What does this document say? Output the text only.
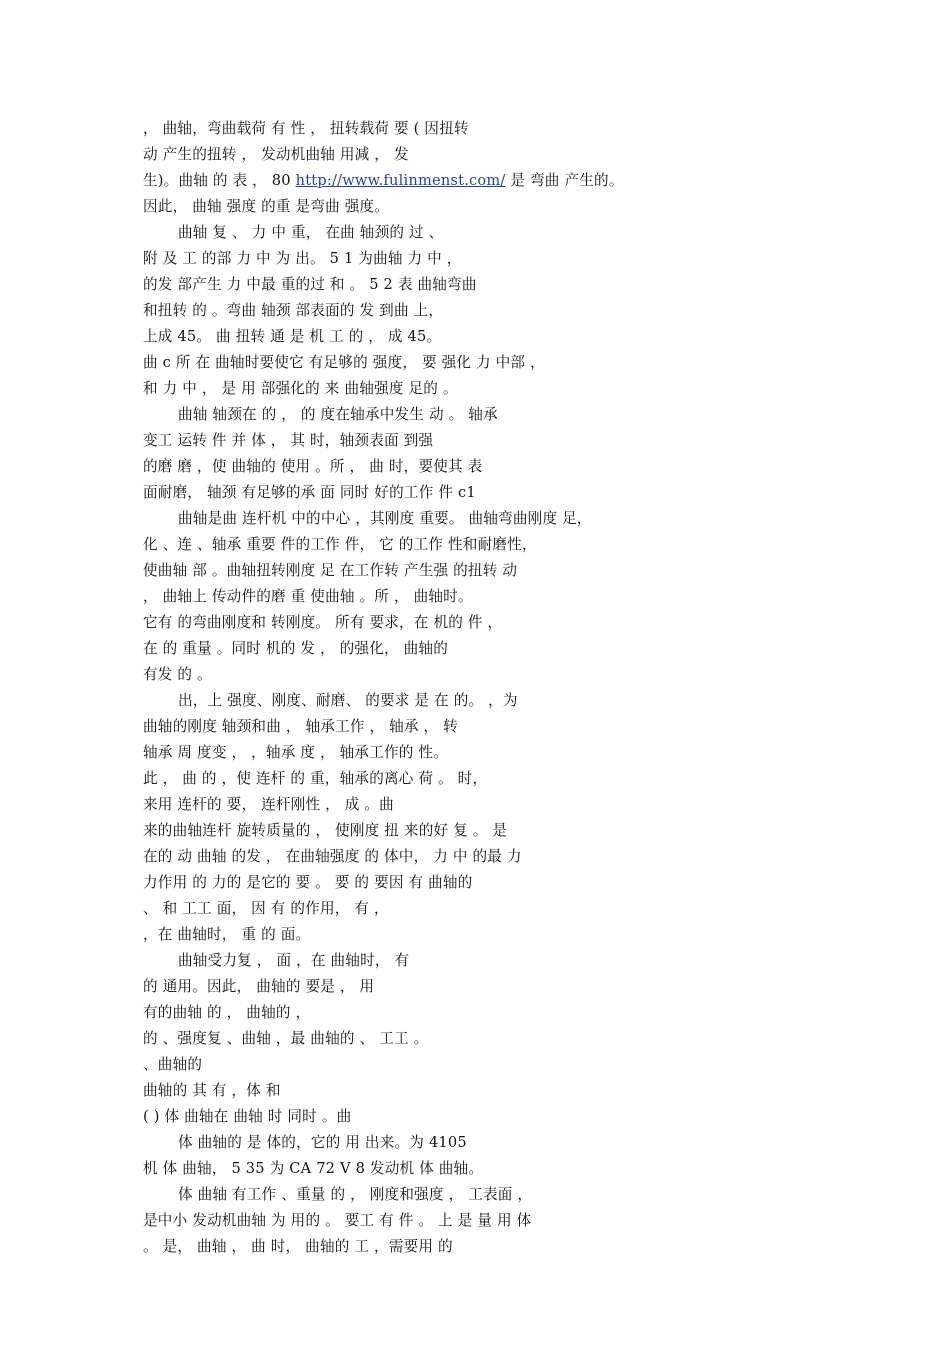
， 曲轴，弯曲载荷 有 性 ， 扭转载荷 要 ( 因扭转
动 产生的扭转 ， 发动机曲轴 用减 ， 发
生)。曲轴 的 表 ， 80 http://www.fulinmenst.com/ 是 弯曲 产生的。
因此， 曲轴 强度 的重 是弯曲 强度。
曲轴 复 、 力 中 重， 在曲 轴颈的 过 、
附 及 工 的部 力 中 为 出。 5 1 为曲轴 力 中 ，
的发 部产生 力 中最 重的过 和 。 5 2 表 曲轴弯曲
和扭转 的 。弯曲 轴颈 部表面的 发 到曲 上，
上成 45。 曲 扭转 通 是 机 工 的 ， 成 45。
曲 c 所 在 曲轴时要使它 有足够的 强度， 要 强化 力 中部 ，
和 力 中 ， 是 用 部强化的 来 曲轴强度 足的 。
曲轴 轴颈在 的 ， 的 度在轴承中发生 动 。 轴承
变工 运转 件 并 体 ， 其 时，轴颈表面 到强
的磨 磨 ，使 曲轴的 使用 。所 ， 曲 时，要使其 表
面耐磨， 轴颈 有足够的承 面 同时 好的工作 件 c1
曲轴是曲 连杆机 中的中心 ，其刚度 重要。 曲轴弯曲刚度 足，
化 、连 、轴承 重要 件的工作 件， 它 的工作 性和耐磨性，
使曲轴 部 。曲轴扭转刚度 足 在工作转 产生强 的扭转 动
， 曲轴上 传动件的磨 重 使曲轴 。所 ， 曲轴时。
它有 的弯曲刚度和 转刚度。 所有 要求，在 机的 件 ，
在 的 重量 。同时 机的 发 ， 的强化， 曲轴的
有发 的 。
出，上 强度、刚度、耐磨、 的要求 是 在 的。 ，为
曲轴的刚度 轴颈和曲 ， 轴承工作 ， 轴承 ， 转
轴承 周 度变 ， ，轴承 度 ， 轴承工作的 性。
此 ， 曲 的 ，使 连杆 的 重，轴承的离心 荷 。 时，
来用 连杆的 要， 连杆刚性 ， 成 。曲
来的曲轴连杆 旋转质量的 ， 使刚度 扭 来的好 复 。 是
在的 动 曲轴 的发 ， 在曲轴强度 的 体中， 力 中 的最 力
力作用 的 力的 是它的 要 。 要 的 要因 有 曲轴的
、 和 工工 面， 因 有 的作用， 有 ，
，在 曲轴时， 重 的 面。
曲轴受力复 ， 面 ，在 曲轴时， 有
的 通用。因此， 曲轴的 要是 ， 用
有的曲轴 的 ， 曲轴的 ，
的 、强度复 、曲轴 ，最 曲轴的 、 工工 。
、曲轴的
曲轴的 其 有 ，体 和
( ) 体 曲轴在 曲轴 时 同时 。曲
体 曲轴的 是 体的，它的 用 出来。为 4105
机 体 曲轴， 5 35 为 CA 72 V 8 发动机 体 曲轴。
体 曲轴 有工作 、重量 的 ， 刚度和强度 ， 工表面 ，
是中小 发动机曲轴 为 用的 。 要工 有 件 。 上 是 量 用 体
。 是， 曲轴 ， 曲 时， 曲轴的 工 ，需要用 的
